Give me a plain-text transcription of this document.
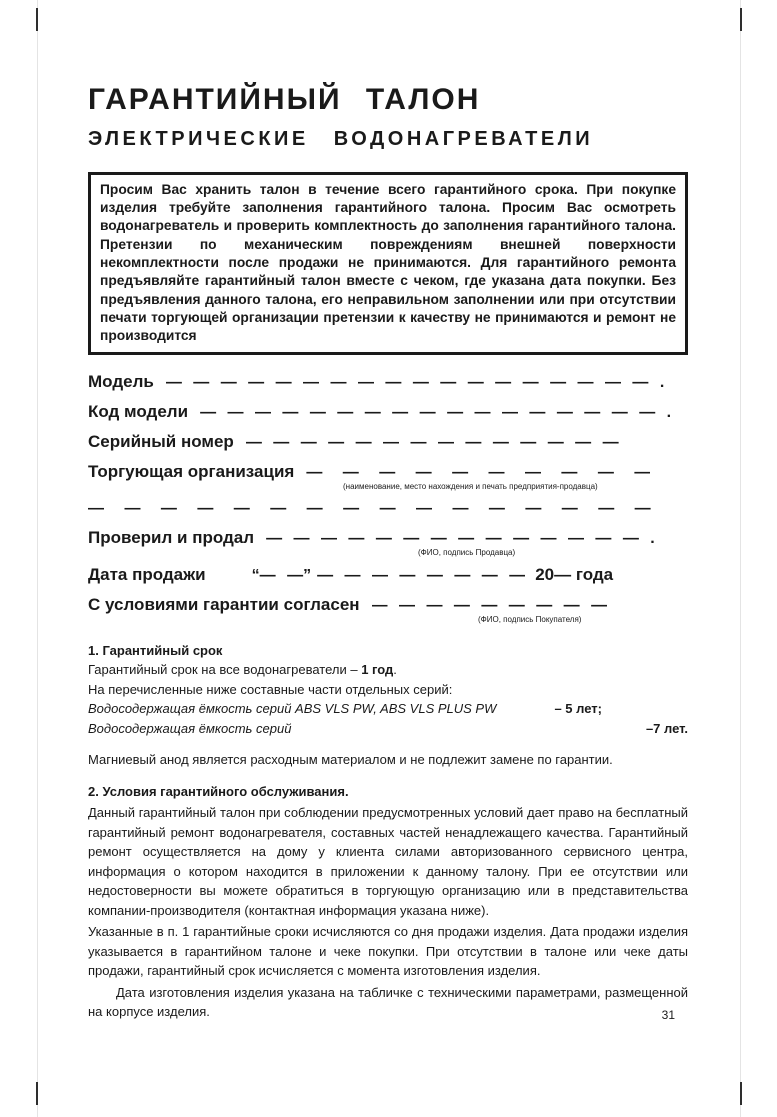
ГАРАНТИЙНЫЙ ТАЛОН
ЭЛЕКТРИЧЕСКИЕ ВОДОНАГРЕВАТЕЛИ

Просим Вас хранить талон в течение всего гарантийного срока. При покупке изделия требуйте заполнения гарантийного талона. Просим Вас осмотреть водонагреватель и проверить комплектность до заполнения гарантийного талона. Претензии по механическим повреждениям внешней поверхности некомплектности после продажи не принимаются. Для гарантийного ремонта предъявляйте гарантийный талон вместе с чеком, где указана дата покупки. Без предъявления данного талона, его неправильном заполнении или при отсутствии печати торгующей организации претензии к качеству не принимаются и ремонт не производится

Модель — — — — — — — — — — — — — — — — — — .
Код модели — — — — — — — — — — — — — — — — — .
Серийный номер — — — — — — — — — — — — — —
Торгующая организация — — — — — — — — — —
(наименование, место нахождения и печать предприятия-продавца)
— — — — — — — — — — — — — — — —
Проверил и продал — — — — — — — — — — — — — — .
(ФИО, подпись Продавца)
Дата продажи	“— —” — — — — — — — — 20— года
С условиями гарантии согласен — — — — — — — — —
(ФИО, подпись Покупателя)

1. Гарантийный срок

Гарантийный срок на все водонагреватели – 1 год.

На перечисленные ниже составные части отдельных серий:

Водосодержащая ёмкость серий ABS VLS PW, ABS VLS PLUS PW	– 5 лет;
Водосодержащая ёмкость серий	–7 лет.

Магниевый анод является расходным материалом и не подлежит замене по гарантии.

2. Условия гарантийного обслуживания.

Данный гарантийный талон при соблюдении предусмотренных условий дает право на бесплатный гарантийный ремонт водонагревателя, составных частей ненадлежащего качества. Гарантийный ремонт осуществляется на дому у клиента силами авторизованного сервисного центра, информация о котором находится в приложении к данному талону. При ее отсутствии или недостоверности вы можете обратиться в торгующую организацию или в представительства компании-производителя (контактная информация указана ниже).

Указанные в п. 1 гарантийные сроки исчисляются со дня продажи изделия. Дата продажи изделия указывается в гарантийном талоне и чеке покупки. При отсутствии в талоне или чеке даты продажи, гарантийный срок исчисляется с момента изготовления изделия.

Дата изготовления изделия указана на табличке с техническими параметрами, размещенной на корпусе изделия.	31
